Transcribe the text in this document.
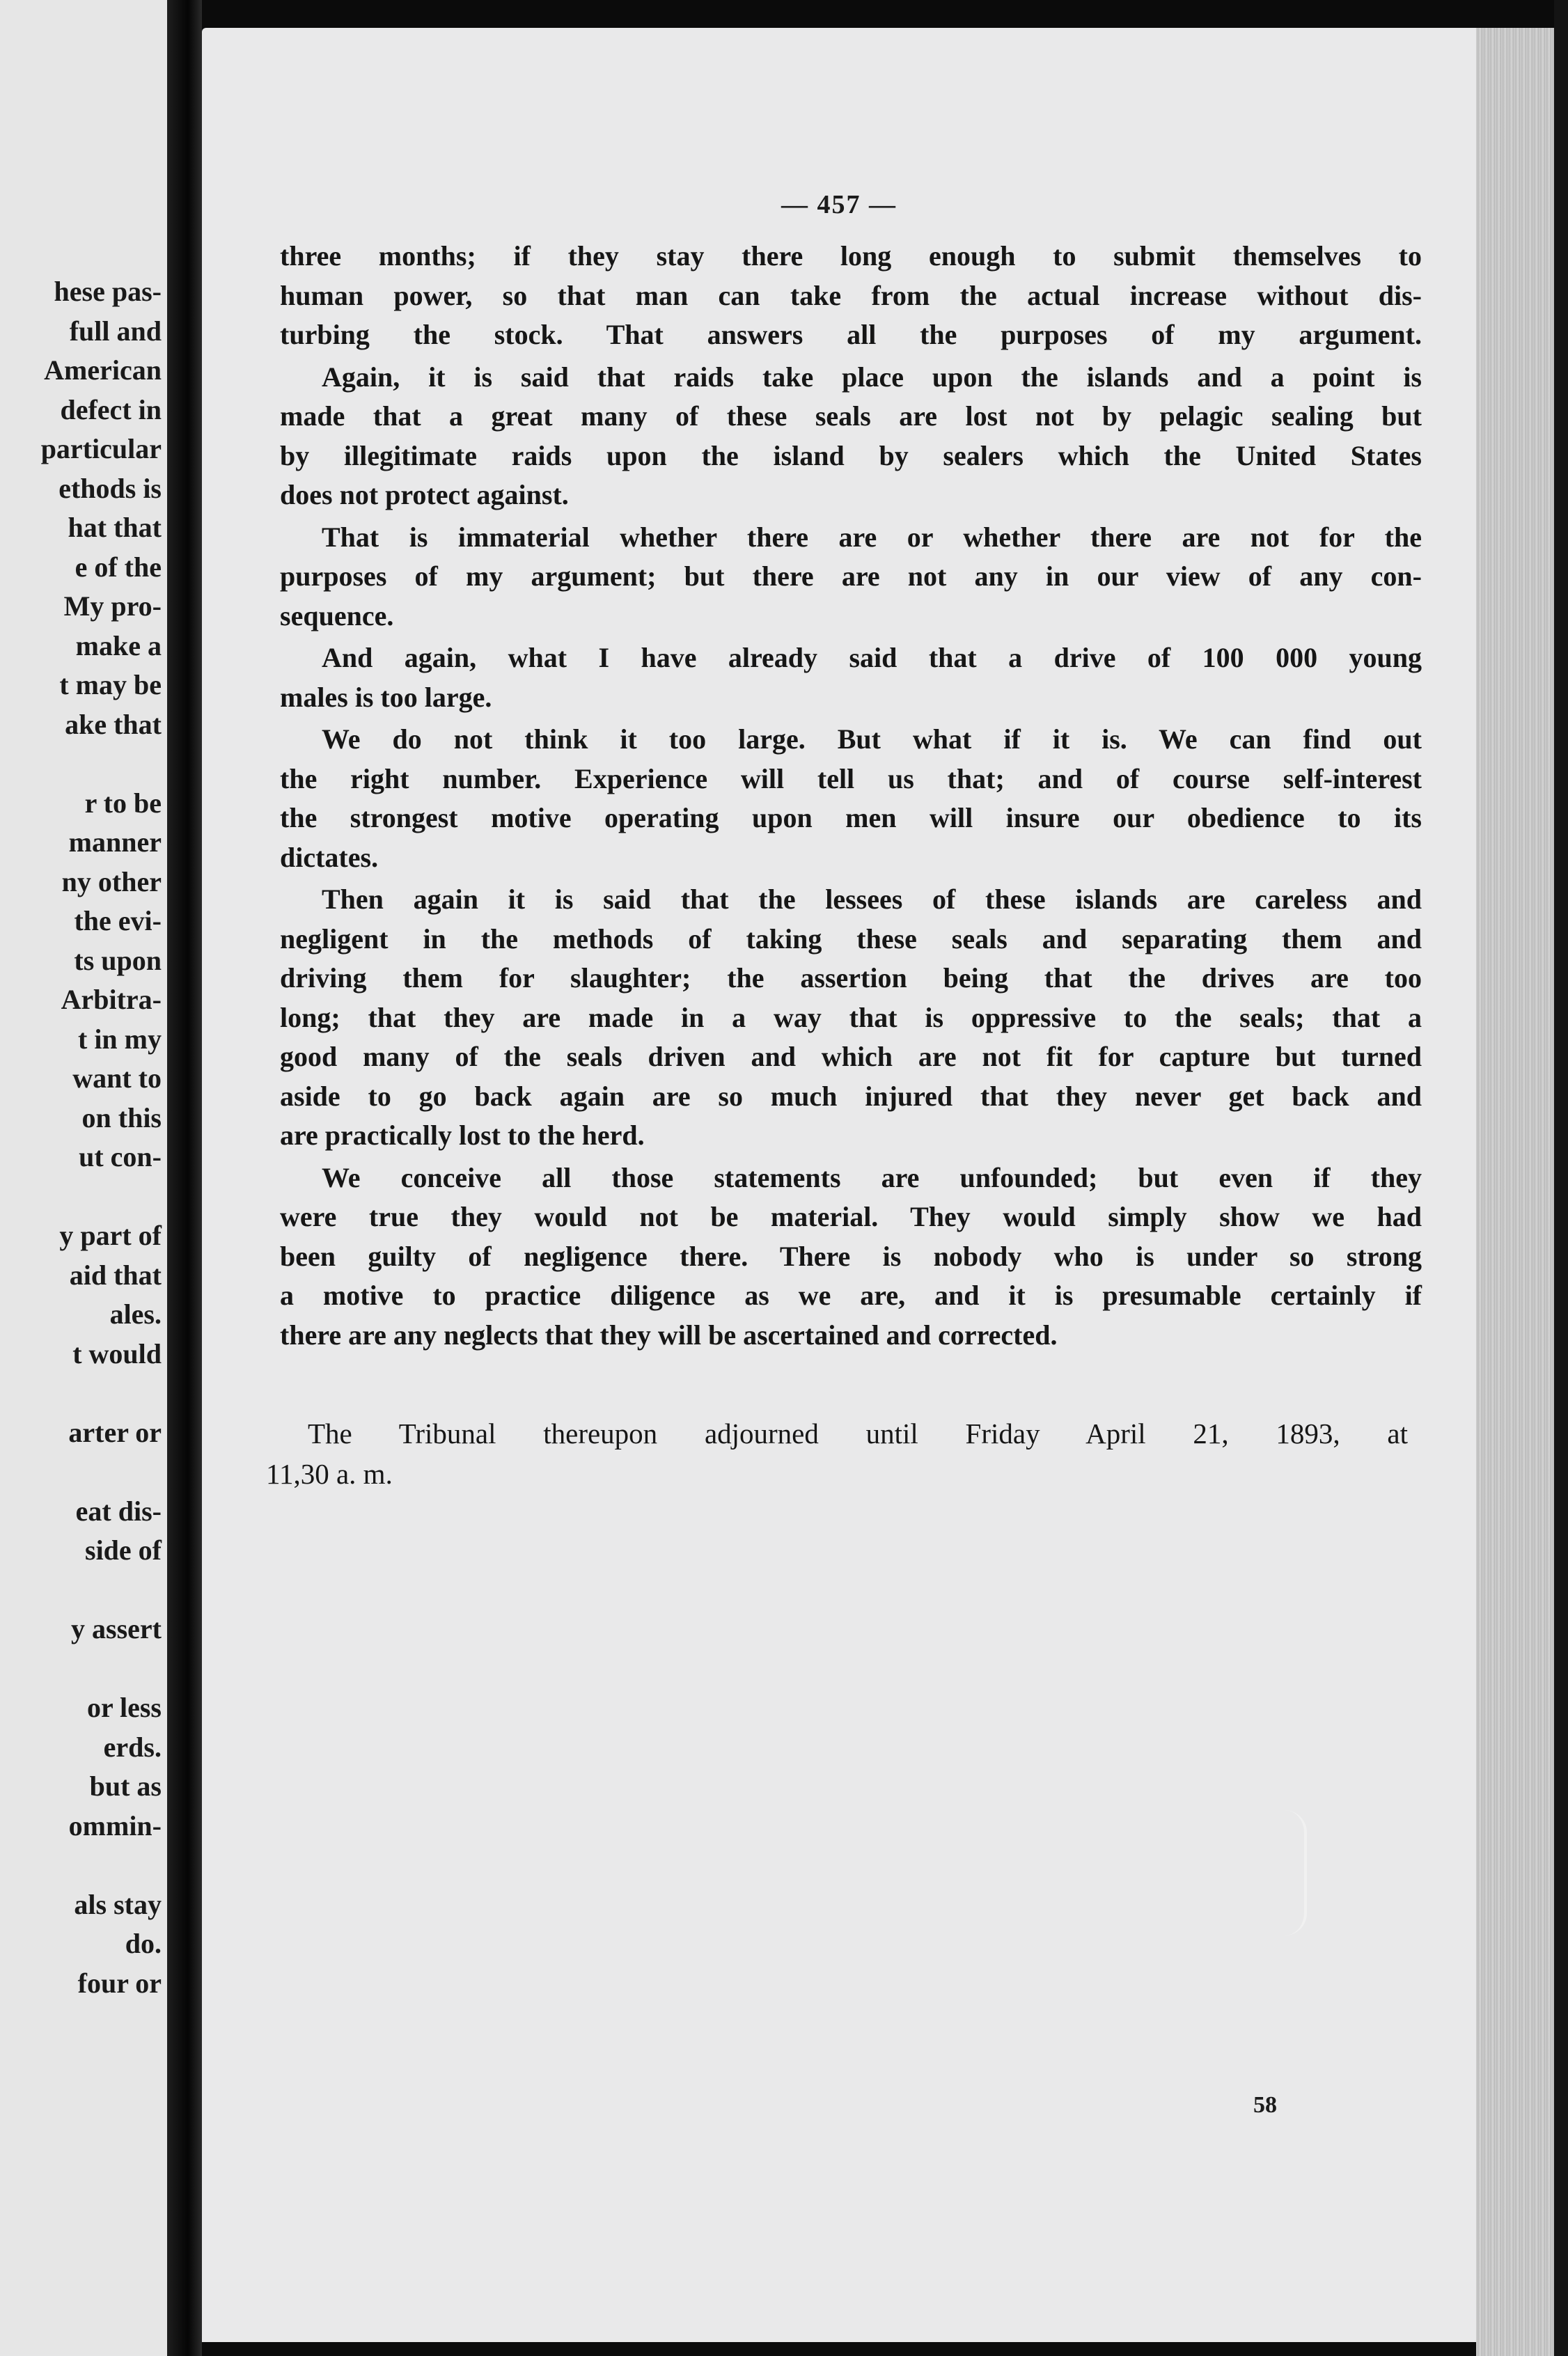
hese pas-
full and
American
defect in
particular
ethods is
hat that
e of the
My pro-
make a
t may be
ake that
r to be
manner
ny other
the evi-
ts upon
Arbitra-
t in my
want to
on this
ut con-
y part of
aid that
ales.
t would
arter or
eat dis-
side of
y assert
or less
erds.
but as
ommin-
als stay
do.
four or
— 457 —
three months; if they stay there long enough to submit themselves to
human power, so that man can take from the actual increase without dis-
turbing the stock. That answers all the purposes of my argument.
Again, it is said that raids take place upon the islands and a point is
made that a great many of these seals are lost not by pelagic sealing but
by illegitimate raids upon the island by sealers which the United States
does not protect against.
That is immaterial whether there are or whether there are not for the
purposes of my argument; but there are not any in our view of any con-
sequence.
And again, what I have already said that a drive of 100 000 young
males is too large.
We do not think it too large. But what if it is. We can find out
the right number. Experience will tell us that; and of course self-interest
the strongest motive operating upon men will insure our obedience to its
dictates.
Then again it is said that the lessees of these islands are careless and
negligent in the methods of taking these seals and separating them and
driving them for slaughter; the assertion being that the drives are too
long; that they are made in a way that is oppressive to the seals; that a
good many of the seals driven and which are not fit for capture but turned
aside to go back again are so much injured that they never get back and
are practically lost to the herd.
We conceive all those statements are unfounded; but even if they
were true they would not be material. They would simply show we had
been guilty of negligence there. There is nobody who is under so strong
a motive to practice diligence as we are, and it is presumable certainly if
there are any neglects that they will be ascertained and corrected.
The Tribunal thereupon adjourned until Friday April 21, 1893, at
11,30 a. m.
58
